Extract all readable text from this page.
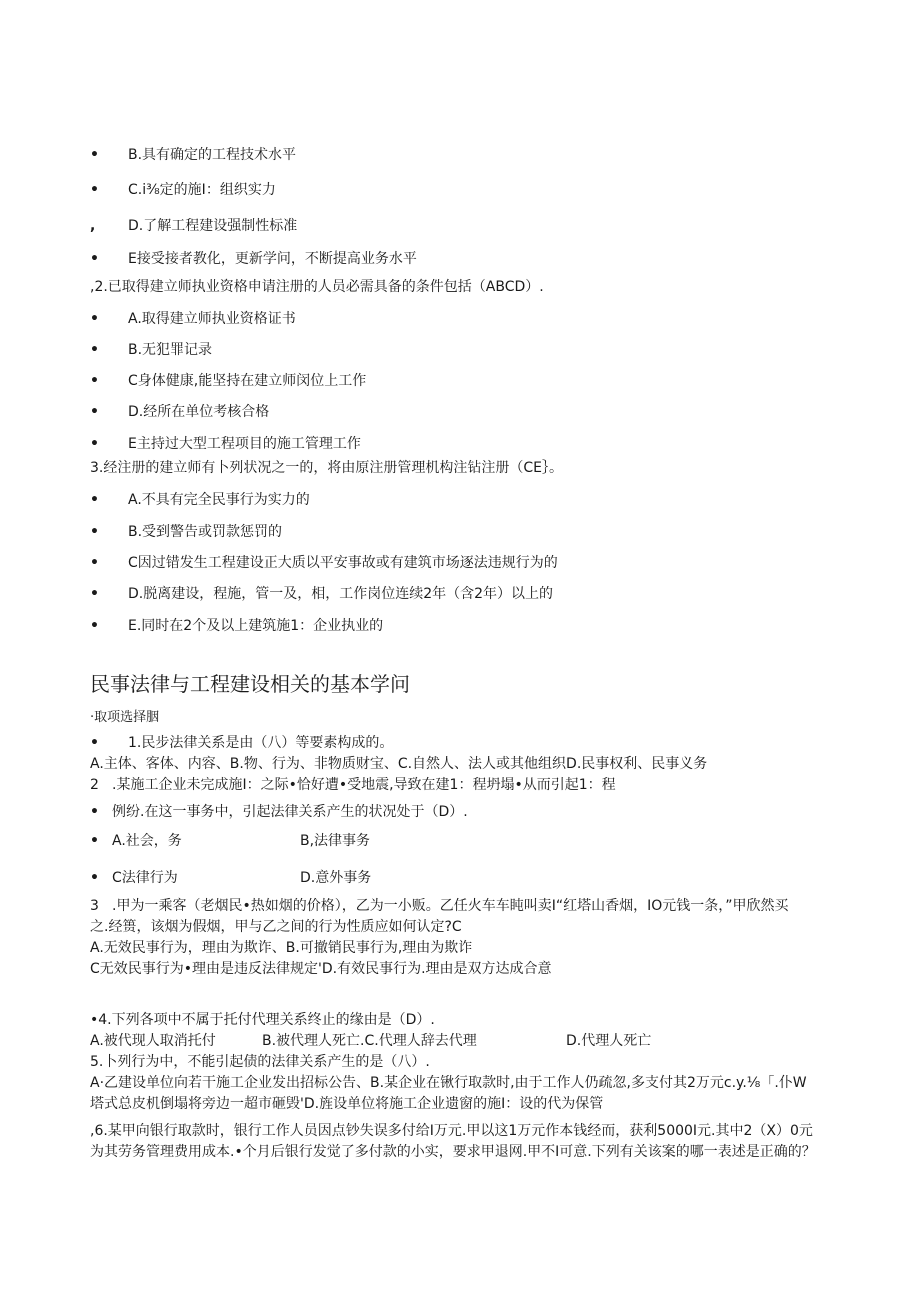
• B.具有确定的工程技术水平
• C.i⅜定的施I：组织实力
,	D.了解工程建设强制性标准
• E接受接者教化，更新学问，不断提高业务水平
,2.已取得建立师执业资格申请注册的人员必需具备的条件包括（ABCD）.
• A.取得建立师执业资格证书
• B.无犯罪记录
• C身体健康,能坚持在建立师闵位上工作
• D.经所在单位考核合格
• E主持过大型工程项目的施工管理工作
3.经注册的建立师有卜列状况之一的，将由原注册管理机构注钻注册（CE｝。
• A.不具有完全民事行为实力的
• B.受到警告或罚款惩罚的
• C因过错发生工程建设正大质以平安事故或有建筑市场逐法违规行为的
• D.脱离建设，程施，管一及，相，工作岗位连续2年（含2年）以上的
• E.同时在2个及以上建筑施1：企业执业的
民事法律与工程建设相关的基本学问
·取项选择胭
• 1.民步法律关系是由（八）等要素构成的。
A.主体、客体、内容、B.物、行为、非物质财宝、C.自然人、法人或其他组织D.民事权利、民事义务
2 .某施工企业未完成施I：之际•恰好遭•受地震,导致在建1：程坍塌•从而引起1：程
• 例纷.在这一事务中，引起法律关系产生的状况处于（D）.
• A.社会，务	B,法律事务
• C法律行为	D.意外事务
3 .甲为一乘客（老烟民•热如烟的价格），乙为一小贩。乙任火车车盹叫卖I“红塔山香烟，IO元钱一条，”甲欣然买
之.经篑，该烟为假烟，甲与乙之间的行为性质应如何认定?C
A.无效民事行为，理由为欺诈、B.可撤销民事行为,理由为欺诈
C无效民事行为•理由是违反法律规定'D.有效民事行为.理由是双方达成合意
•4.下列各项中不属于托付代理关系终止的缘由是（D）.
A.被代现人取消托付	B.被代理人死亡.C.代理人辞去代理	D.代理人死亡
5.卜列行为中，不能引起债的法律关系产生的是（八）.
A·乙建设单位向若干施工企业发出招标公告、B.某企业在锹行取款时,由于工作人仍疏忽,多支付其2万元c.y.⅛「.仆W
塔式总皮机倒塌将旁边一超市砸毁'D.旌设单位将施工企业遗窗的施I：设的代为保管
,6.某甲向银行取款时，银行工作人员因点钞失误多付给I万元.甲以这1万元作本钱经而，获利5000I元.其中2（X）0元
为其劳务管理费用成本.•个月后银行发觉了多付款的小实，要求甲退网.甲不I可意.下列有关该案的哪一表述是正确的？
